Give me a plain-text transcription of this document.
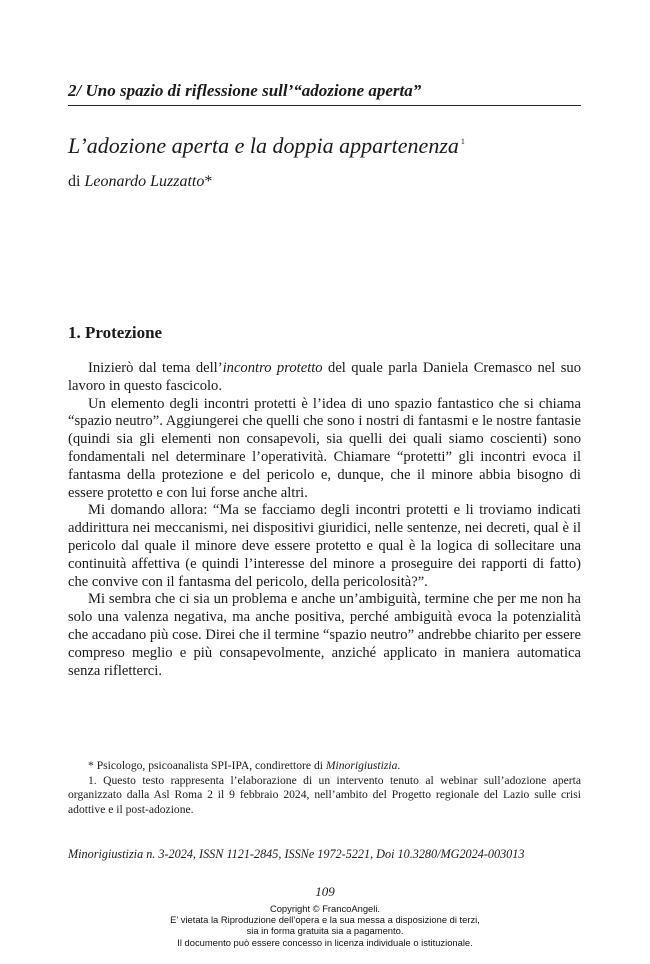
2/ Uno spazio di riflessione sull’“adozione aperta”
L’adozione aperta e la doppia appartenenza $^1$
di Leonardo Luzzatto*
1. Protezione

Inizierò dal tema dell’incontro protetto del quale parla Daniela Cremasco nel suo lavoro in questo fascicolo.

Un elemento degli incontri protetti è l’idea di uno spazio fantastico che si chiama “spazio neutro”. Aggiungerei che quelli che sono i nostri di fantasmi e le nostre fantasie (quindi sia gli elementi non consapevoli, sia quelli dei quali siamo coscienti) sono fondamentali nel determinare l’operatività. Chiamare “protetti” gli incontri evoca il fantasma della protezione e del pericolo e, dunque, che il minore abbia bisogno di essere protetto e con lui forse anche altri.

Mi domando allora: “Ma se facciamo degli incontri protetti e li troviamo indicati addirittura nei meccanismi, nei dispositivi giuridici, nelle sentenze, nei decreti, qual è il pericolo dal quale il minore deve essere protetto e qual è la logica di sollecitare una continuità affettiva (e quindi l’interesse del minore a proseguire dei rapporti di fatto) che convive con il fantasma del pericolo, della pericolosità?”.

Mi sembra che ci sia un problema e anche un’ambiguità, termine che per me non ha solo una valenza negativa, ma anche positiva, perché ambiguità evoca la potenzialità che accadano più cose. Direi che il termine “spazio neutro” andrebbe chiarito per essere compreso meglio e più consapevolmente, anziché applicato in maniera automatica senza rifletterci.

* Psicologo, psicoanalista SPI-IPA, condirettore di Minorigiustizia.

1. Questo testo rappresenta l’elaborazione di un intervento tenuto al webinar sull’adozione aperta organizzato dalla Asl Roma 2 il 9 febbraio 2024, nell’ambito del Progetto regionale del Lazio sulle crisi adottive e il post-adozione.

Minorigiustizia n. 3-2024, ISSN 1121-2845, ISSNe 1972-5221, Doi 10.3280/MG2024-003013
109
Copyright © FrancoAngeli.
E’ vietata la Riproduzione dell’opera e la sua messa a disposizione di terzi,
sia in forma gratuita sia a pagamento.
Il documento può essere concesso in licenza individuale o istituzionale.
